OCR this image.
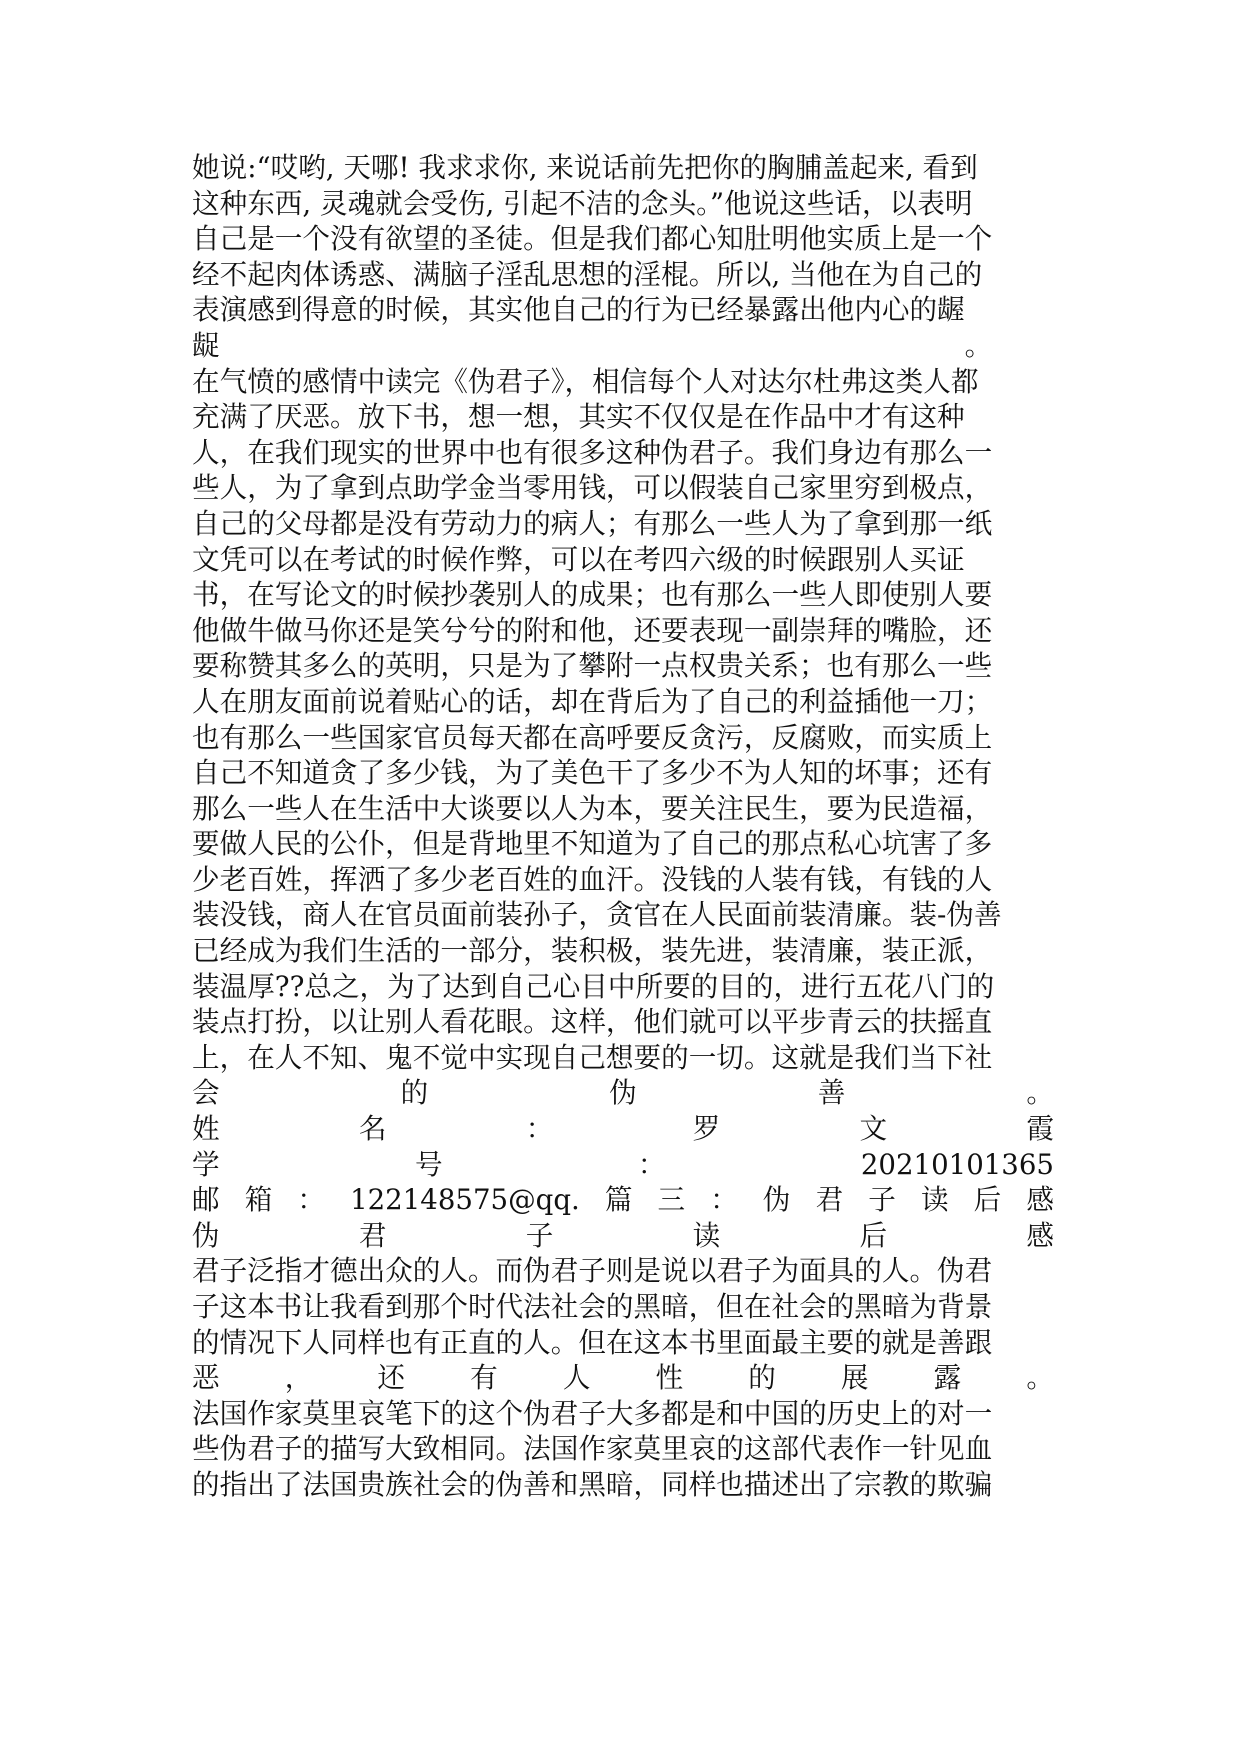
她说:“哎哟, 天哪! 我求求你, 来说话前先把你的胸脯盖起来, 看到
这种东西, 灵魂就会受伤, 引起不洁的念头。”他说这些话，以表明
自己是一个没有欲望的圣徒。但是我们都心知肚明他实质上是一个
经不起肉体诱惑、满脑子淫乱思想的淫棍。所以, 当他在为自己的
表演感到得意的时候，其实他自己的行为已经暴露出他内心的龌
龊　　　　　　　　　　　　　　　　　　　　　　　　　　　。
在气愤的感情中读完《伪君子》，相信每个人对达尔杜弗这类人都
充满了厌恶。放下书，想一想，其实不仅仅是在作品中才有这种
人，在我们现实的世界中也有很多这种伪君子。我们身边有那么一
些人，为了拿到点助学金当零用钱，可以假装自己家里穷到极点，
自己的父母都是没有劳动力的病人；有那么一些人为了拿到那一纸
文凭可以在考试的时候作弊，可以在考四六级的时候跟别人买证
书，在写论文的时候抄袭别人的成果；也有那么一些人即使别人要
他做牛做马你还是笑兮兮的附和他，还要表现一副崇拜的嘴脸，还
要称赞其多么的英明，只是为了攀附一点权贵关系；也有那么一些
人在朋友面前说着贴心的话，却在背后为了自己的利益插他一刀；
也有那么一些国家官员每天都在高呼要反贪污，反腐败，而实质上
自己不知道贪了多少钱，为了美色干了多少不为人知的坏事；还有
那么一些人在生活中大谈要以人为本，要关注民生，要为民造福，
要做人民的公仆，但是背地里不知道为了自己的那点私心坑害了多
少老百姓，挥洒了多少老百姓的血汗。没钱的人装有钱，有钱的人
装没钱，商人在官员面前装孙子，贪官在人民面前装清廉。装-伪善
已经成为我们生活的一部分，装积极，装先进，装清廉，装正派，
装温厚??总之，为了达到自己心目中所要的目的，进行五花八门的
装点打扮，以让别人看花眼。这样，他们就可以平步青云的扶摇直
上，在人不知、鬼不觉中实现自己想要的一切。这就是我们当下社
会	的	伪	善	。
姓	名	：	罗	文	霞
学	号	：	20210101365
邮 箱 ： 122148575@qq. 篇 三 ： 伪 君 子 读 后 感
伪	君	子	读	后	感
君子泛指才德出众的人。而伪君子则是说以君子为面具的人。伪君
子这本书让我看到那个时代法社会的黑暗，但在社会的黑暗为背景
的情况下人同样也有正直的人。但在这本书里面最主要的就是善跟
恶 ， 还 有 人 性 的 展 露 。
法国作家莫里哀笔下的这个伪君子大多都是和中国的历史上的对一
些伪君子的描写大致相同。法国作家莫里哀的这部代表作一针见血
的指出了法国贵族社会的伪善和黑暗，同样也描述出了宗教的欺骗
